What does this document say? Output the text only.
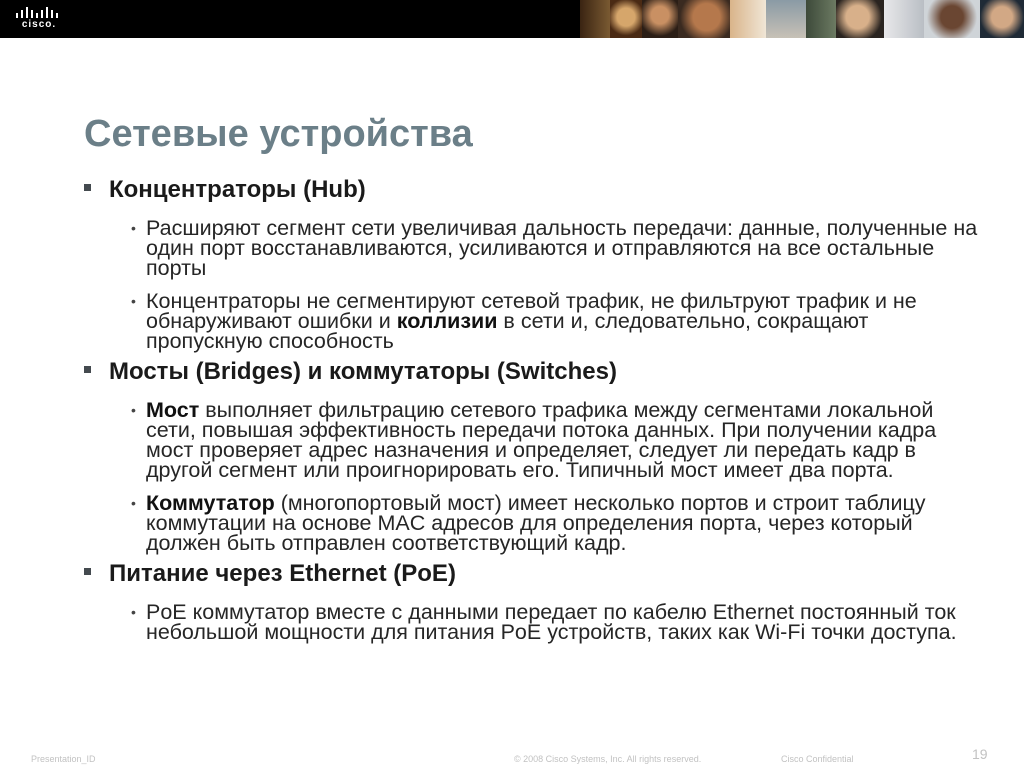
cisco.
Сетевые устройства
Концентраторы (Hub)
• Расширяют сегмент сети увеличивая дальность передачи: данные, полученные на один порт восстанавливаются, усиливаются и отправляются на все остальные порты
• Концентраторы не сегментируют сетевой трафик, не фильтруют трафик и не обнаруживают ошибки и коллизии в сети и, следовательно, сокращают пропускную способность
Мосты (Bridges) и коммутаторы (Switches)
• Мост выполняет фильтрацию сетевого трафика между сегментами локальной сети, повышая эффективность передачи потока данных. При получении кадра мост проверяет адрес назначения и определяет, следует ли передать кадр в другой сегмент или проигнорировать его. Типичный мост имеет два порта.
• Коммутатор (многопортовый мост) имеет несколько портов и строит таблицу коммутации на основе MAC адресов для определения порта, через который должен быть отправлен соответствующий кадр.
Питание через Ethernet (PoE)
• PoE коммутатор вместе с данными передает по кабелю Ethernet постоянный ток небольшой мощности для питания PoE устройств, таких как Wi-Fi точки доступа.
Presentation_ID	© 2008 Cisco Systems, Inc. All rights reserved.	Cisco Confidential	19
